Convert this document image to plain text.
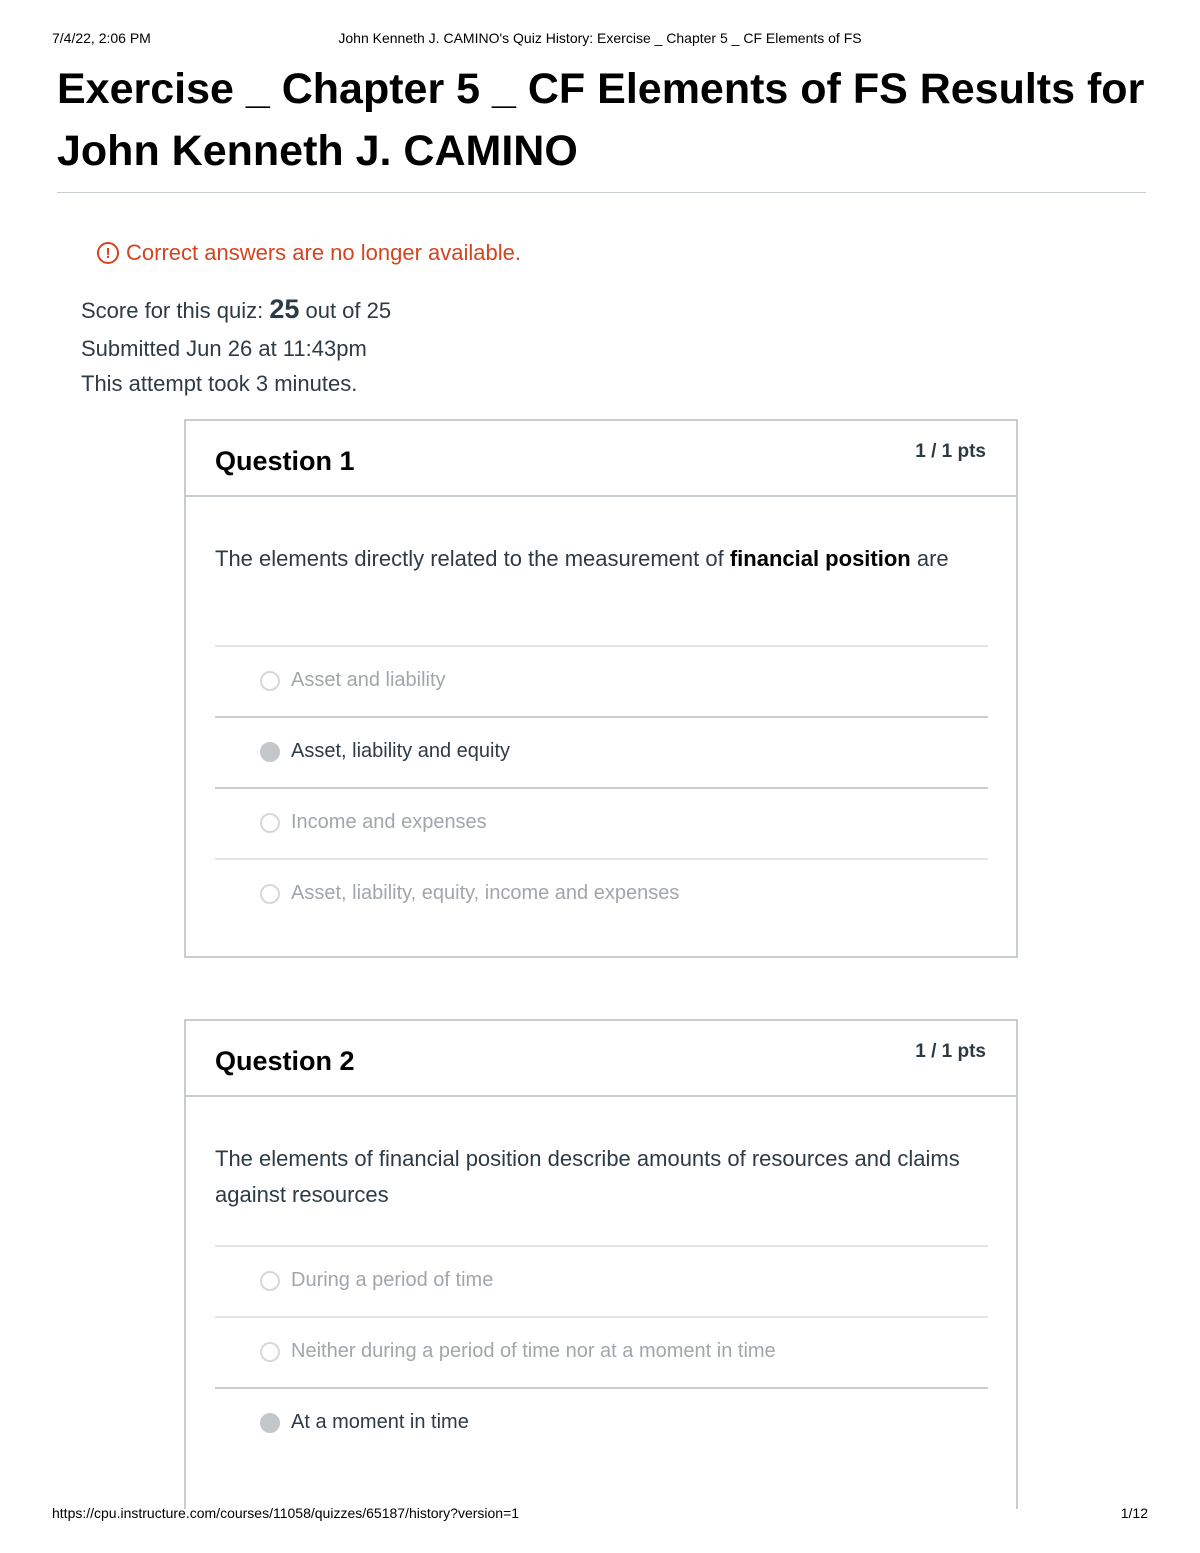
7/4/22, 2:06 PM	John Kenneth J. CAMINO's Quiz History: Exercise _ Chapter 5 _ CF Elements of FS
Exercise _ Chapter 5 _ CF Elements of FS Results for John Kenneth J. CAMINO
! Correct answers are no longer available.
Score for this quiz: 25 out of 25
Submitted Jun 26 at 11:43pm
This attempt took 3 minutes.
Question 1	1 / 1 pts
The elements directly related to the measurement of financial position are
Asset and liability
Asset, liability and equity
Income and expenses
Asset, liability, equity, income and expenses
Question 2	1 / 1 pts
The elements of financial position describe amounts of resources and claims against resources
During a period of time
Neither during a period of time nor at a moment in time
At a moment in time
https://cpu.instructure.com/courses/11058/quizzes/65187/history?version=1	1/12
